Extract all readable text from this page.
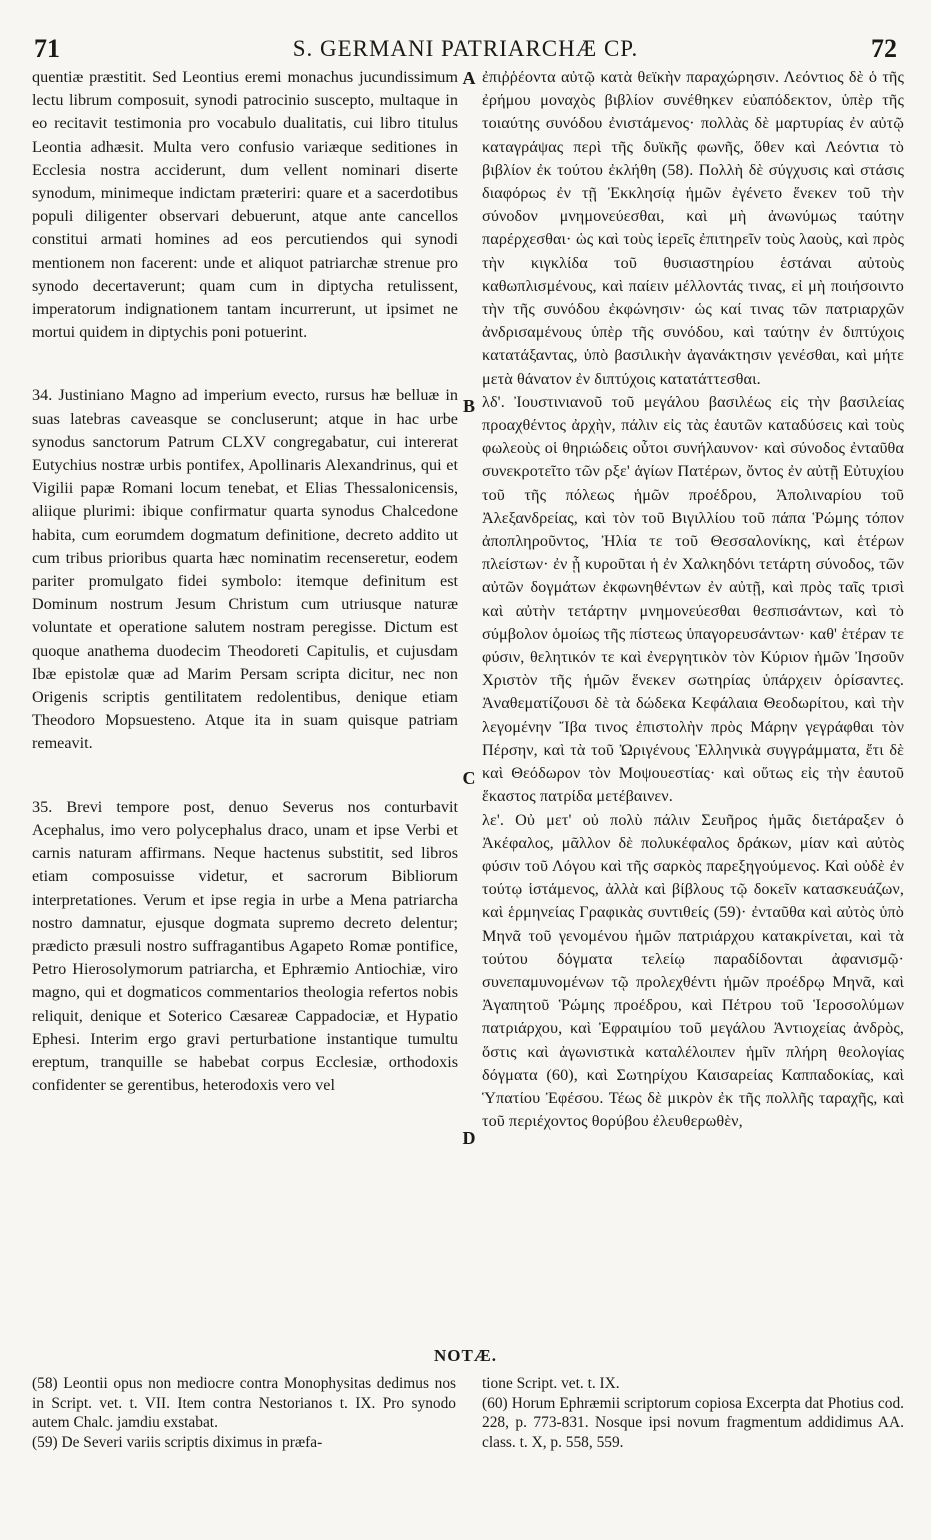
71	S. GERMANI PATRIARCHÆ CP.	72

quentiæ præstitit. Sed Leontius eremi monachus jucundissimum lectu librum composuit, synodi patrocinio suscepto, multaque in eo recitavit testimonia pro vocabulo dualitatis, cui libro titulus Leontia adhæsit. Multa vero confusio variæque seditiones in Ecclesia nostra acciderunt, dum vellent nominari diserte synodum, minimeque indictam præteriri: quare et a sacerdotibus populi diligenter observari debuerunt, atque ante cancellos constitui armati homines ad eos percutiendos qui synodi mentionem non facerent: unde et aliquot patriarchæ strenue pro synodo decertaverunt; quam cum in diptycha retulissent, imperatorum indignationem tantam incurrerunt, ut ipsimet ne mortui quidem in diptychis poni potuerint.

34. Justiniano Magno ad imperium evecto, rursus hæ belluæ in suas latebras caveasque se concluserunt; atque in hac urbe synodus sanctorum Patrum CLXV congregabatur, cui intererat Eutychius nostræ urbis pontifex, Apollinaris Alexandrinus, qui et Vigilii papæ Romani locum tenebat, et Elias Thessalonicensis, aliique plurimi: ibique confirmatur quarta synodus Chalcedone habita, cum eorumdem dogmatum definitione, decreto addito ut cum tribus prioribus quarta hæc nominatim recenseretur, eodem pariter promulgato fidei symbolo: itemque definitum est Dominum nostrum Jesum Christum cum utriusque naturæ voluntate et operatione salutem nostram peregisse. Dictum est quoque anathema duodecim Theodoreti Capitulis, et cujusdam Ibæ epistolæ quæ ad Marim Persam scripta dicitur, nec non Origenis scriptis gentilitatem redolentibus, denique etiam Theodoro Mopsuesteno. Atque ita in suam quisque patriam remeavit.

35. Brevi tempore post, denuo Severus nos conturbavit Acephalus, imo vero polycephalus draco, unam et ipse Verbi et carnis naturam affirmans. Neque hactenus substitit, sed libros etiam composuisse videtur, et sacrorum Bibliorum interpretationes. Verum et ipse regia in urbe a Mena patriarcha nostro damnatur, ejusque dogmata supremo decreto delentur; prædicto præsuli nostro suffragantibus Agapeto Romæ pontifice, Petro Hierosolymorum patriarcha, et Ephræmio Antiochiæ, viro magno, qui et dogmaticos commentarios theologia refertos nobis reliquit, denique et Soterico Cæsareæ Cappadociæ, et Hypatio Ephesi. Interim ergo gravi perturbatione instantique tumultu ereptum, tranquille se habebat corpus Ecclesiæ, orthodoxis confidenter se gerentibus, heterodoxis vero vel

A
B
C
D

ἐπιῤῥέοντα αὐτῷ κατὰ θεϊκὴν παραχώρησιν. Λεόντιος δὲ ὁ τῆς ἐρήμου μοναχὸς βιβλίον συνέθηκεν εὐαπόδεκτον, ὑπὲρ τῆς τοιαύτης συνόδου ἐνιστάμενος· πολλὰς δὲ μαρτυρίας ἐν αὐτῷ καταγράψας περὶ τῆς δυϊκῆς φωνῆς, ὅθεν καὶ Λεόντια τὸ βιβλίον ἐκ τούτου ἐκλήθη (58). Πολλὴ δὲ σύγχυσις καὶ στάσις διαφόρως ἐν τῇ Ἐκκλησίᾳ ἡμῶν ἐγένετο ἕνεκεν τοῦ τὴν σύνοδον μνημονεύεσθαι, καὶ μὴ ἀνωνύμως ταύτην παρέρχεσθαι· ὡς καὶ τοὺς ἱερεῖς ἐπιτηρεῖν τοὺς λαοὺς, καὶ πρὸς τὴν κιγκλίδα τοῦ θυσιαστηρίου ἑστάναι αὐτοὺς καθωπλισμένους, καὶ παίειν μέλλοντάς τινας, εἰ μὴ ποιήσοιντο τὴν τῆς συνόδου ἐκφώνησιν· ὡς καί τινας τῶν πατριαρχῶν ἀνδρισαμένους ὑπὲρ τῆς συνόδου, καὶ ταύτην ἐν διπτύχοις κατατάξαντας, ὑπὸ βασιλικὴν ἀγανάκτησιν γενέσθαι, καὶ μήτε μετὰ θάνατον ἐν διπτύχοις κατατάττεσθαι.

λδ'. Ἰουστινιανοῦ τοῦ μεγάλου βασιλέως εἰς τὴν βασιλείας προαχθέντος ἀρχὴν, πάλιν εἰς τὰς ἑαυτῶν καταδύσεις καὶ τοὺς φωλεοὺς οἱ θηριώδεις οὗτοι συνήλαυνον· καὶ σύνοδος ἐνταῦθα συνεκροτεῖτο τῶν ρξε' ἁγίων Πατέρων, ὄντος ἐν αὐτῇ Εὐτυχίου τοῦ τῆς πόλεως ἡμῶν προέδρου, Ἀπολιναρίου τοῦ Ἀλεξανδρείας, καὶ τὸν τοῦ Βιγιλλίου τοῦ πάπα Ῥώμης τόπον ἀποπληροῦντος, Ἠλία τε τοῦ Θεσσαλονίκης, καὶ ἑτέρων πλείστων· ἐν ᾗ κυροῦται ἡ ἐν Χαλκηδόνι τετάρτη σύνοδος, τῶν αὐτῶν δογμάτων ἐκφωνηθέντων ἐν αὐτῇ, καὶ πρὸς ταῖς τρισὶ καὶ αὐτὴν τετάρτην μνημονεύεσθαι θεσπισάντων, καὶ τὸ σύμβολον ὁμοίως τῆς πίστεως ὑπαγορευσάντων· καθ' ἑτέραν τε φύσιν, θελητικόν τε καὶ ἐνεργητικὸν τὸν Κύριον ἡμῶν Ἰησοῦν Χριστὸν τῆς ἡμῶν ἕνεκεν σωτηρίας ὑπάρχειν ὁρίσαντες. Ἀναθεματίζουσι δὲ τὰ δώδεκα Κεφάλαια Θεοδωρίτου, καὶ τὴν λεγομένην Ἴβα τινος ἐπιστολὴν πρὸς Μάρην γεγράφθαι τὸν Πέρσην, καὶ τὰ τοῦ Ὠριγένους Ἑλληνικὰ συγγράμματα, ἔτι δὲ καὶ Θεόδωρον τὸν Μοψουεστίας· καὶ οὕτως εἰς τὴν ἑαυτοῦ ἕκαστος πατρίδα μετέβαινεν.

λε'. Οὐ μετ' οὐ πολὺ πάλιν Σευῆρος ἡμᾶς διετάραξεν ὁ Ἀκέφαλος, μᾶλλον δὲ πολυκέφαλος δράκων, μίαν καὶ αὐτὸς φύσιν τοῦ Λόγου καὶ τῆς σαρκὸς παρεξηγούμενος. Καὶ οὐδὲ ἐν τούτῳ ἱστάμενος, ἀλλὰ καὶ βίβλους τῷ δοκεῖν κατασκευάζων, καὶ ἑρμηνείας Γραφικὰς συντιθείς (59)· ἐνταῦθα καὶ αὐτὸς ὑπὸ Μηνᾶ τοῦ γενομένου ἡμῶν πατριάρχου κατακρίνεται, καὶ τὰ τούτου δόγματα τελείῳ παραδίδονται ἀφανισμῷ· συνεπαμυνομένων τῷ προλεχθέντι ἡμῶν προέδρῳ Μηνᾶ, καὶ Ἀγαπητοῦ Ῥώμης προέδρου, καὶ Πέτρου τοῦ Ἱεροσολύμων πατριάρχου, καὶ Ἐφραιμίου τοῦ μεγάλου Ἀντιοχείας ἀνδρὸς, ὅστις καὶ ἀγωνιστικὰ καταλέλοιπεν ἡμῖν πλήρη θεολογίας δόγματα (60), καὶ Σωτηρίχου Καισαρείας Καππαδοκίας, καὶ Ὑπατίου Ἐφέσου. Τέως δὲ μικρὸν ἐκ τῆς πολλῆς ταραχῆς, καὶ τοῦ περιέχοντος θορύβου ἐλευθερωθὲν,

NOTÆ.

(58) Leontii opus non mediocre contra Monophysitas dedimus nos in Script. vet. t. VII. Item contra Nestorianos t. IX. Pro synodo autem Chalc. jamdiu exstabat.

(59) De Severi variis scriptis diximus in præfa-

tione Script. vet. t. IX.

(60) Horum Ephræmii scriptorum copiosa Excerpta dat Photius cod. 228, p. 773-831. Nosque ipsi novum fragmentum addidimus AA. class. t. X, p. 558, 559.
